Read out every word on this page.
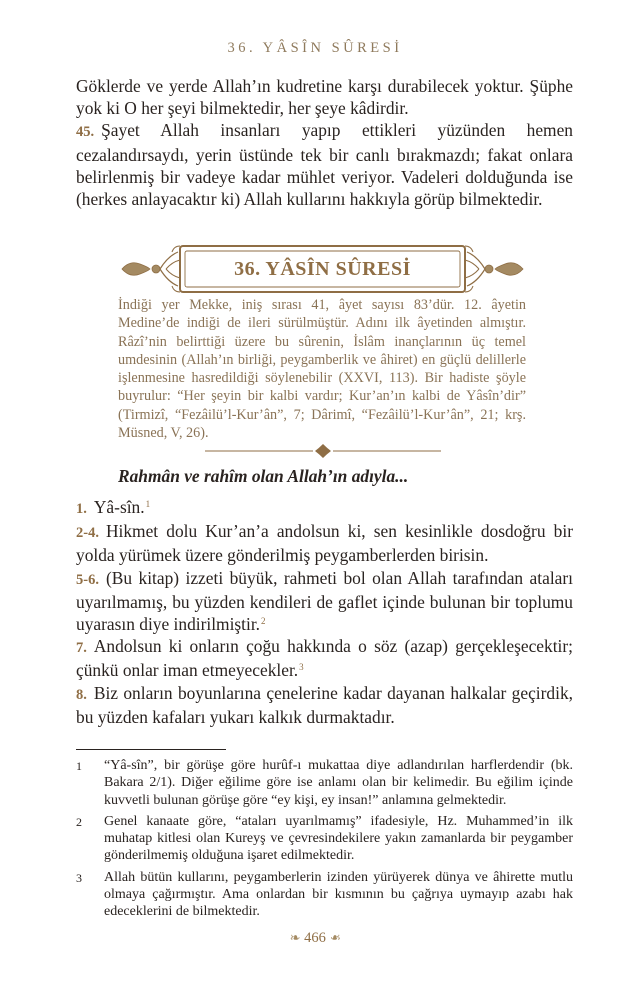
36. YÂSÎN SÛRESİ

Göklerde ve yerde Allah’ın kudretine karşı durabilecek yoktur. Şüphe yok ki O her şeyi bilmektedir, her şeye kâdirdir.

45. Şayet Allah insanları yapıp ettikleri yüzünden hemen cezalandırsaydı, yerin üstünde tek bir canlı bırakmazdı; fakat onlara belirlenmiş bir vadeye kadar mühlet veriyor. Vadeleri dolduğunda ise (herkes anlayacaktır ki) Allah kullarını hakkıyla görüp bilmektedir.

36. YÂSÎN SÛRESİ

İndiği yer Mekke, iniş sırası 41, âyet sayısı 83’dür. 12. âyetin Medine’de indiği de ileri sürülmüştür. Adını ilk âyetinden almıştır. Râzî’nin belirttiği üzere bu sûrenin, İslâm inançlarının üç temel umdesinin (Allah’ın birliği, peygamberlik ve âhiret) en güçlü delillerle işlenmesine hasredildiği söylenebilir (XXVI, 113). Bir hadiste şöyle buyrulur: “Her şeyin bir kalbi vardır; Kur’an’ın kalbi de Yâsîn’dir” (Tirmizî, “Fezâilü’l-Kur’ân”, 7; Dârimî, “Fezâilü’l-Kur’ân”, 21; krş. Müsned, V, 26).

Rahmân ve rahîm olan Allah’ın adıyla...

1. Yâ-sîn.$^1$

2-4. Hikmet dolu Kur’an’a andolsun ki, sen kesinlikle dosdoğru bir yolda yürümek üzere gönderilmiş peygamberlerden birisin.

5-6. (Bu kitap) izzeti büyük, rahmeti bol olan Allah tarafından ataları uyarılmamış, bu yüzden kendileri de gaflet içinde bulunan bir toplumu uyarasın diye indirilmiştir.$^2$

7. Andolsun ki onların çoğu hakkında o söz (azap) gerçekleşecektir; çünkü onlar iman etmeyecekler.$^3$

8. Biz onların boyunlarına çenelerine kadar dayanan halkalar geçirdik, bu yüzden kafaları yukarı kalkık durmaktadır.

1	“Yâ-sîn”, bir görüşe göre hurûf-ı mukattaa diye adlandırılan harflerdendir (bk. Bakara 2/1). Diğer eğilime göre ise anlamı olan bir kelimedir. Bu eğilim içinde kuvvetli bulunan görüşe göre “ey kişi, ey insan!” anlamına gelmektedir.

2	Genel kanaate göre, “ataları uyarılmamış” ifadesiyle, Hz. Muhammed’in ilk muhatap kitlesi olan Kureyş ve çevresindekilere yakın zamanlarda bir peygamber gönderilmemiş olduğuna işaret edilmektedir.

3	Allah bütün kullarını, peygamberlerin izinden yürüyerek dünya ve âhirette mutlu olmaya çağırmıştır. Ama onlardan bir kısmının bu çağrıya uymayıp azabı hak edeceklerini de bilmektedir.

❧︎ 466 ❧︎
